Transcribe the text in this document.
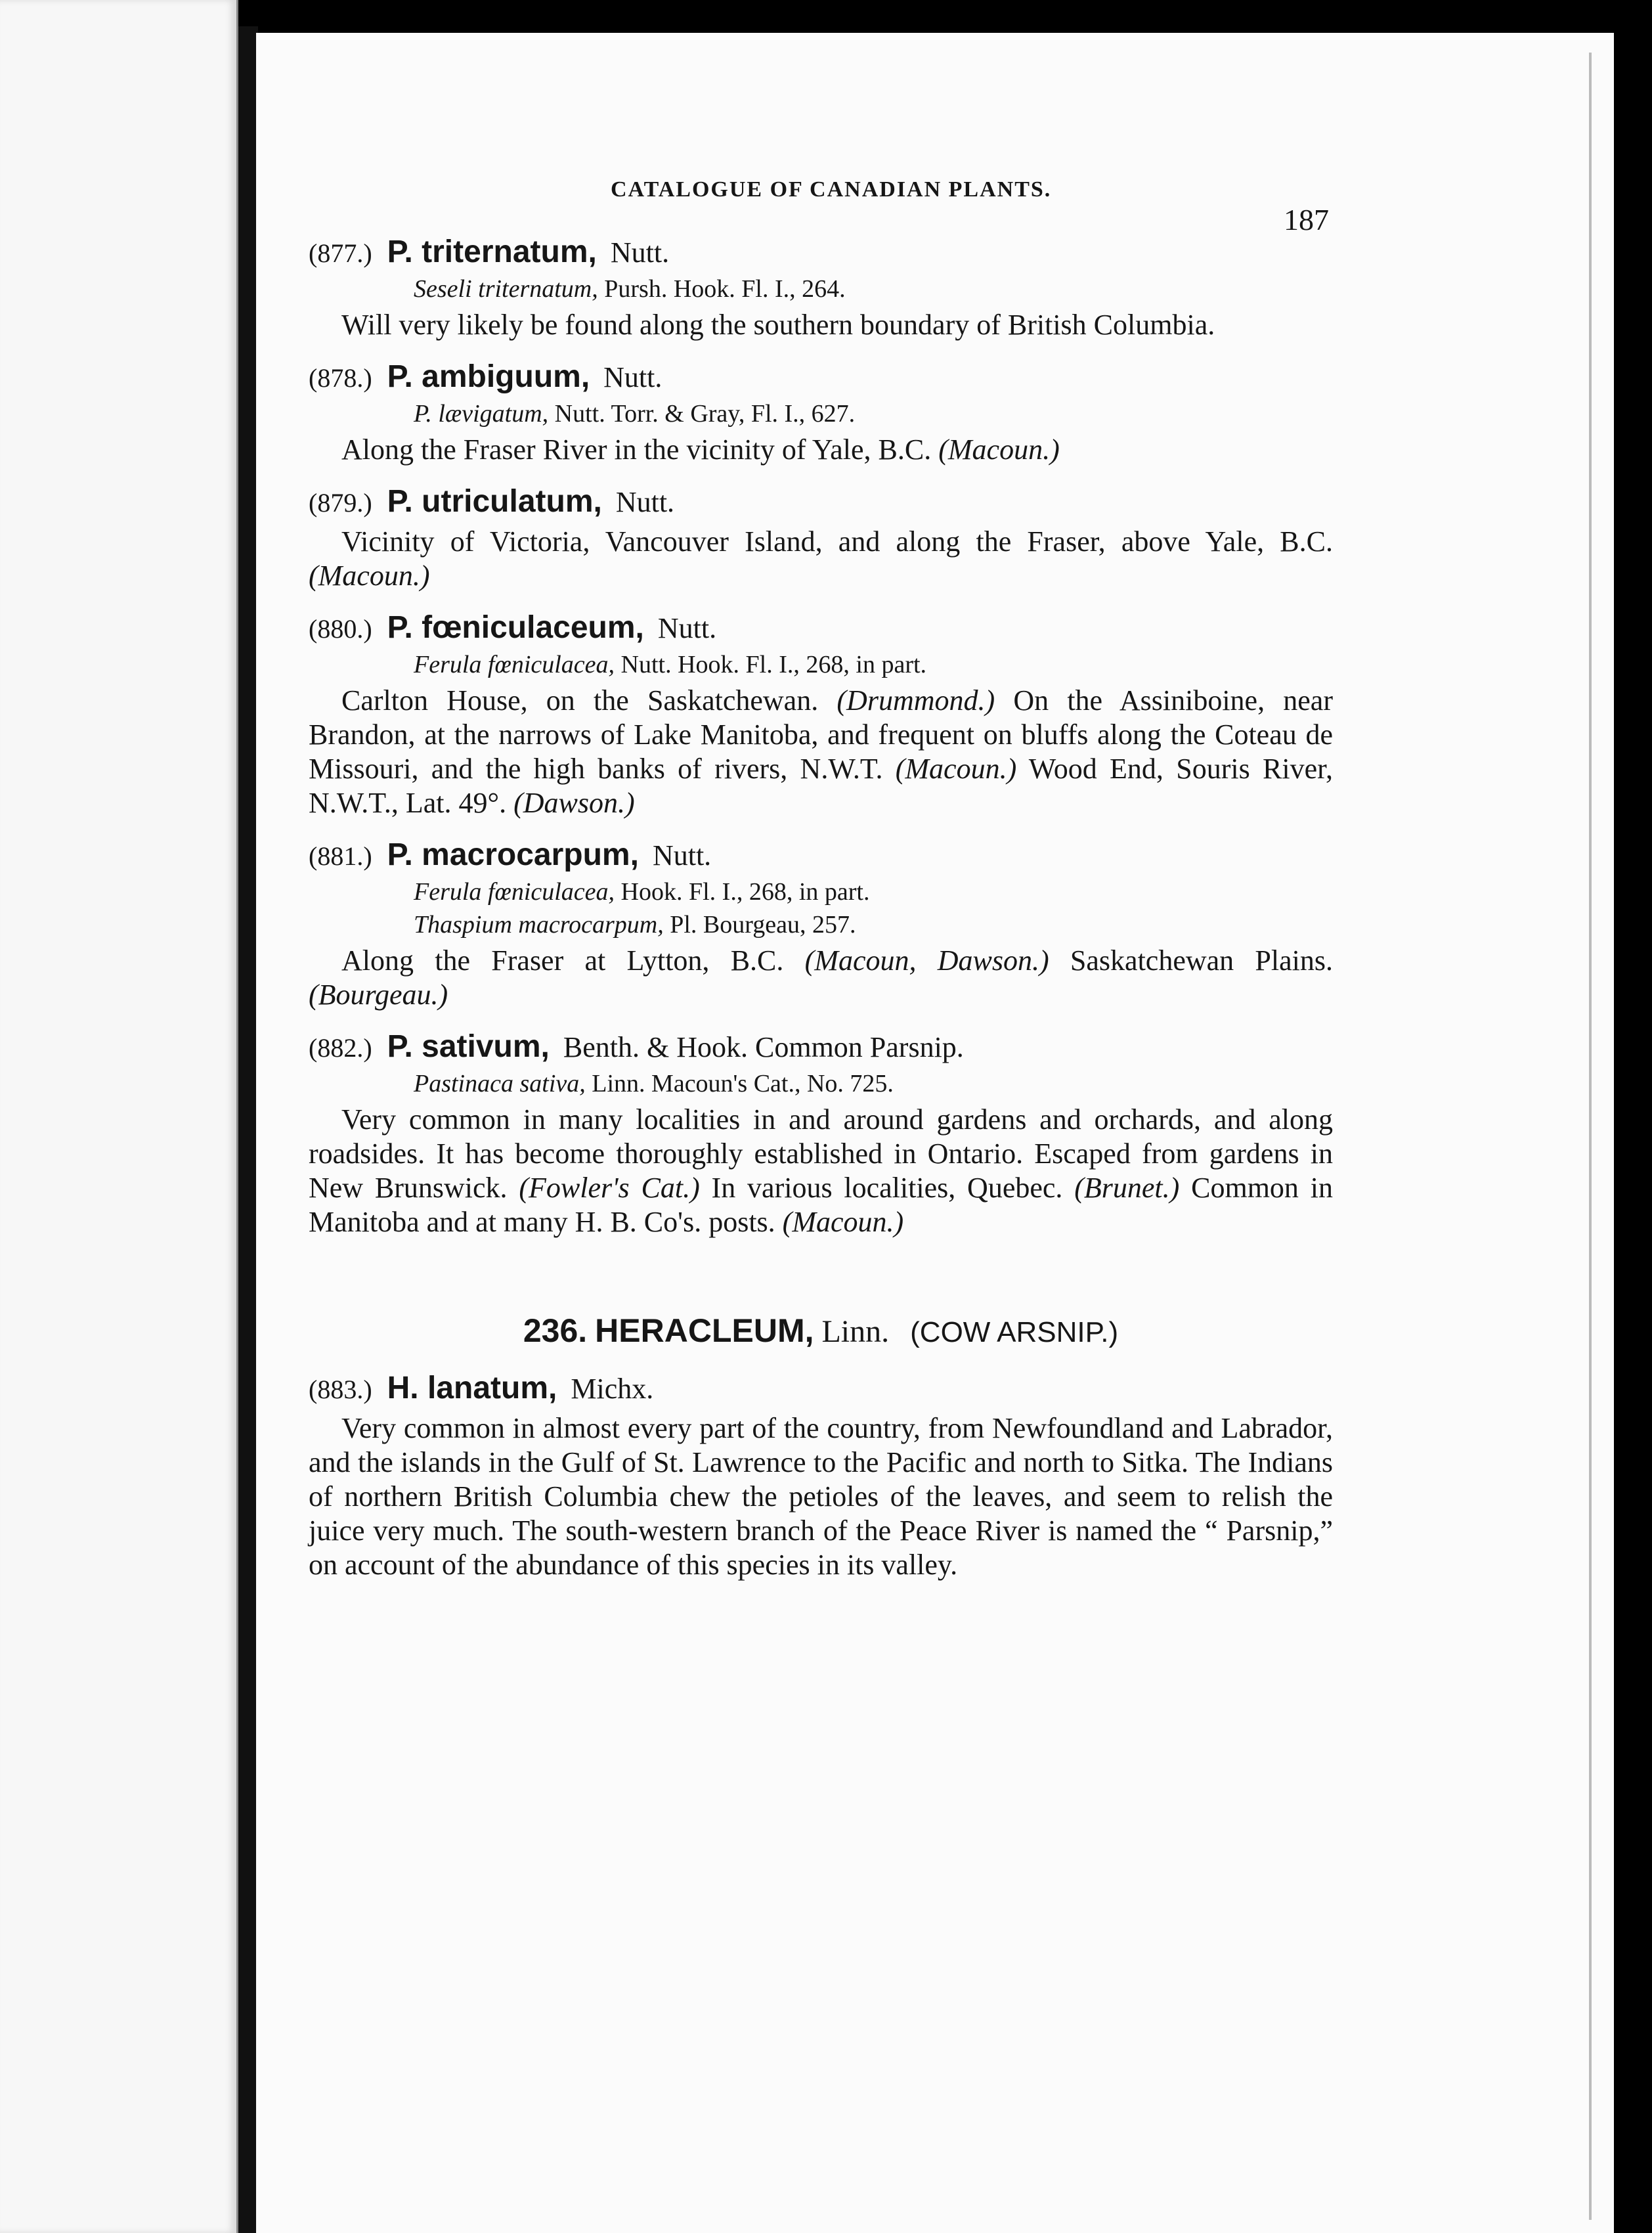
CATALOGUE OF CANADIAN PLANTS.
187
(877.) P. triternatum, Nutt.
Seseli triternatum, Pursh. Hook. Fl. I., 264.

Will very likely be found along the southern boundary of British Columbia.

(878.) P. ambiguum, Nutt.
P. lævigatum, Nutt. Torr. & Gray, Fl. I., 627.

Along the Fraser River in the vicinity of Yale, B.C. (Macoun.)

(879.) P. utriculatum, Nutt.

Vicinity of Victoria, Vancouver Island, and along the Fraser, above Yale, B.C. (Macoun.)

(880.) P. fœniculaceum, Nutt.
Ferula fœniculacea, Nutt. Hook. Fl. I., 268, in part.

Carlton House, on the Saskatchewan. (Drummond.) On the Assiniboine, near Brandon, at the narrows of Lake Manitoba, and frequent on bluffs along the Coteau de Missouri, and the high banks of rivers, N.W.T. (Macoun.) Wood End, Souris River, N.W.T., Lat. 49°. (Dawson.)

(881.) P. macrocarpum, Nutt.
Ferula fœniculacea, Hook. Fl. I., 268, in part.
Thaspium macrocarpum, Pl. Bourgeau, 257.

Along the Fraser at Lytton, B.C. (Macoun, Dawson.) Saskatchewan Plains. (Bourgeau.)

(882.) P. sativum, Benth. & Hook. Common Parsnip.
Pastinaca sativa, Linn. Macoun's Cat., No. 725.

Very common in many localities in and around gardens and orchards, and along roadsides. It has become thoroughly established in Ontario. Escaped from gardens in New Brunswick. (Fowler's Cat.) In various localities, Quebec. (Brunet.) Common in Manitoba and at many H. B. Co's. posts. (Macoun.)

236. HERACLEUM, Linn. (COW ARSNIP.)
(883.) H. lanatum, Michx.

Very common in almost every part of the country, from Newfoundland and Labrador, and the islands in the Gulf of St. Lawrence to the Pacific and north to Sitka. The Indians of northern British Columbia chew the petioles of the leaves, and seem to relish the juice very much. The south-western branch of the Peace River is named the “ Parsnip,” on account of the abundance of this species in its valley.
